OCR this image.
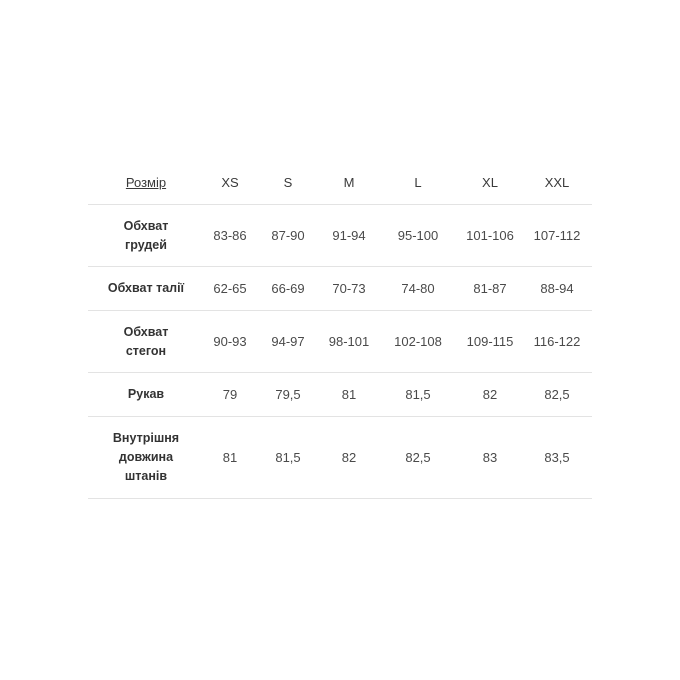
Розмір	XS	S	M	L	XL	XXL

Обхват
грудей	83-86	87-90	91-94	95-100	101-106	107-112

Обхват талії	62-65	66-69	70-73	74-80	81-87	88-94

Обхват
стегон	90-93	94-97	98-101	102-108	109-115	116-122

Рукав	79	79,5	81	81,5	82	82,5

Внутрішня
довжина
штанів	81	81,5	82	82,5	83	83,5
